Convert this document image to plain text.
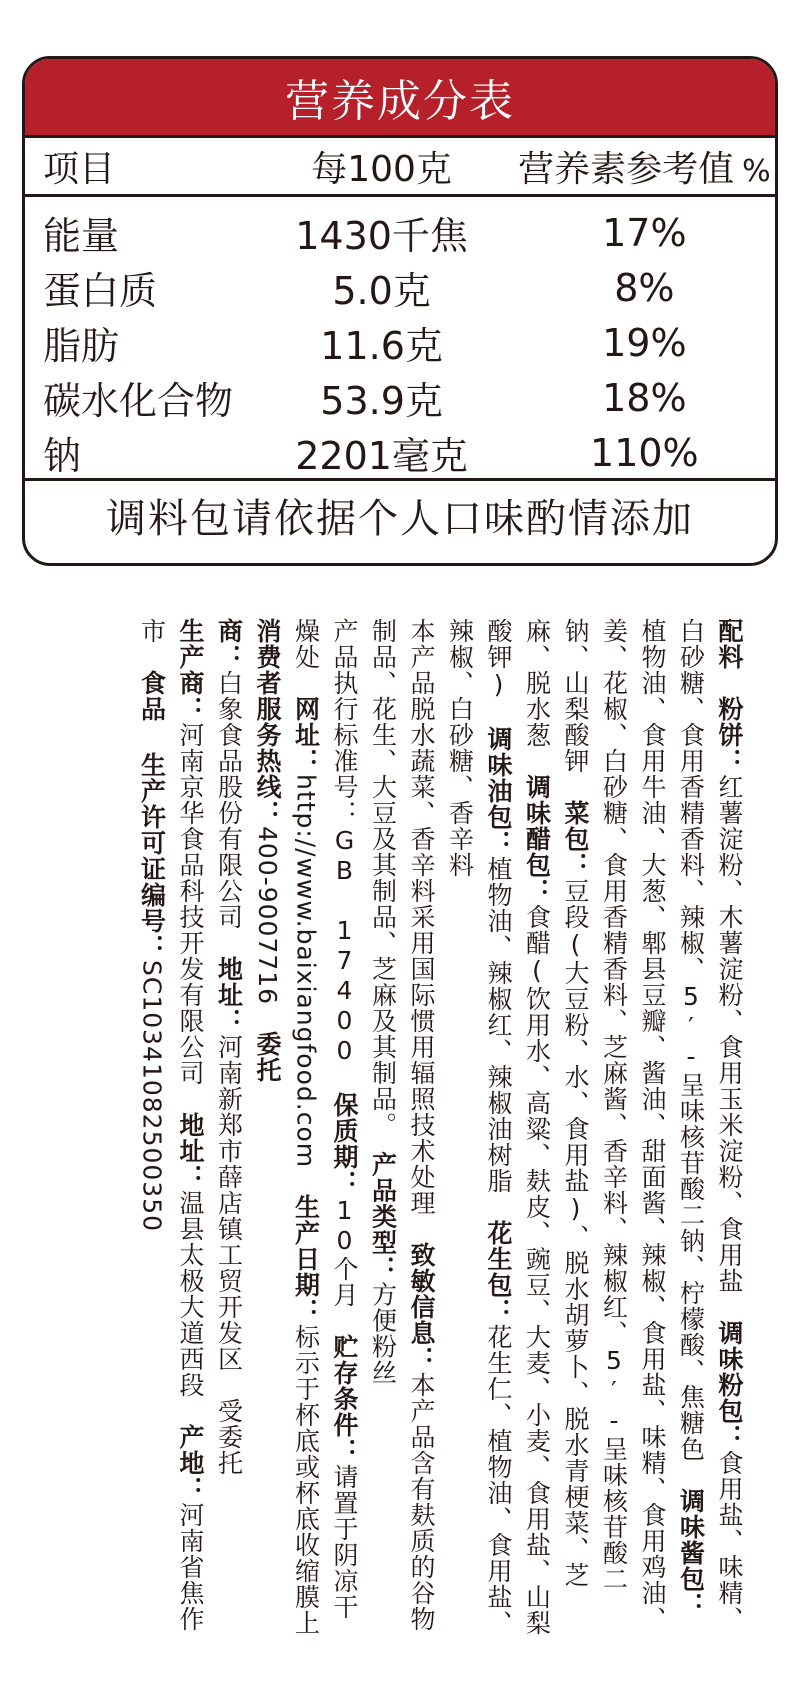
营养成分表
项目	每100克	营养素参考值 %
能量	1430千焦	17%
蛋白质	5.0克	8%
脂肪	11.6克	19%
碳水化合物	53.9克	18%
钠	2201毫克	110%
调料包请依据个人口味酌情添加
配料　粉饼：红薯淀粉、木薯淀粉、食用玉米淀粉、食用盐　调味粉包：食用盐、味精、白砂糖、食用香精香料、辣椒、5′-呈味核苷酸二钠、柠檬酸、焦糖色　调味酱包：植物油、食用牛油、大葱、郫县豆瓣、酱油、甜面酱、辣椒、食用盐、味精、食用鸡油、姜、花椒、白砂糖、食用香精香料、芝麻酱、香辛料、辣椒红、5′-呈味核苷酸二钠、山梨酸钾　菜包：豆段(大豆粉、水、食用盐)、脱水胡萝卜、脱水青梗菜、芝麻、脱水葱　调味醋包：食醋(饮用水、高粱、麸皮、豌豆、大麦、小麦、食用盐、山梨酸钾)　调味油包：植物油、辣椒红、辣椒油树脂　花生包：花生仁、植物油、食用盐、辣椒、白砂糖、香辛料
本产品脱水蔬菜、香辛料采用国际惯用辐照技术处理　致敏信息：本产品含有麸质的谷物制品、花生、大豆及其制品、芝麻及其制品。　产品类型：方便粉丝
产品执行标准号：GB 17400　保质期：10个月　贮存条件：请置于阴凉干燥处　网址：http://www.baixiangfood.com　生产日期：标示于杯底或杯底收缩膜上　消费者服务热线：400-9007716　委托
商：白象食品股份有限公司　地址：河南新郑市薛店镇工贸开发区　受委托
生产商：河南京华食品科技开发有限公司　地址：温县太极大道西段　产地：河南省焦作市　食品 生产许可证编号：SC10341082500350
